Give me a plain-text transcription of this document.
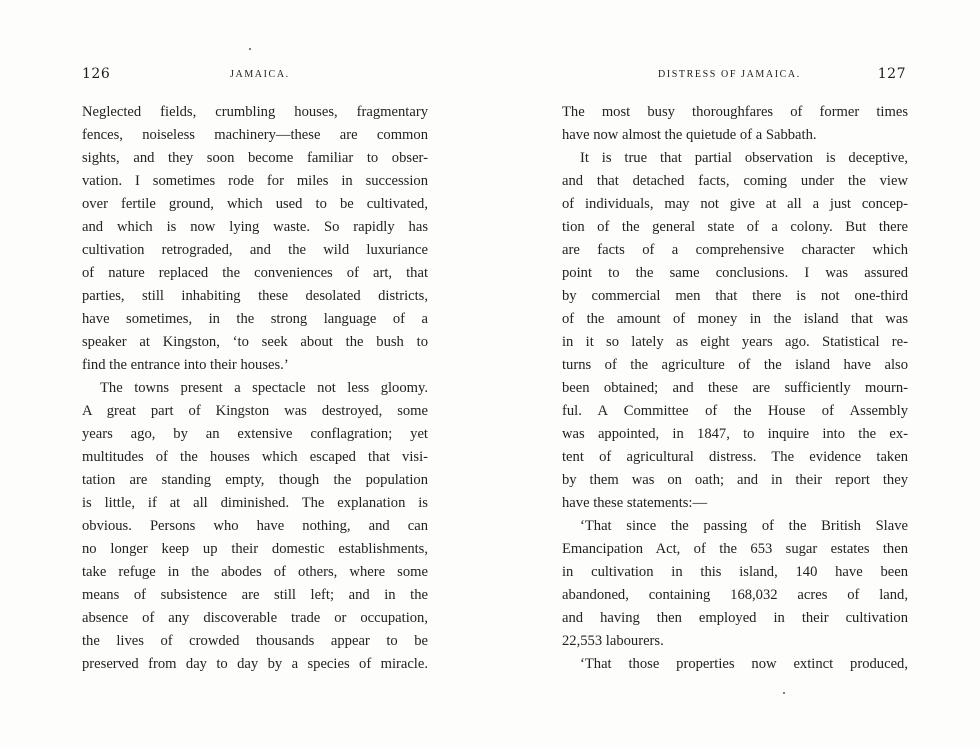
126	JAMAICA.
Neglected fields, crumbling houses, fragmentary
fences, noiseless machinery—these are common
sights, and they soon become familiar to obser-
vation. I sometimes rode for miles in succession
over fertile ground, which used to be cultivated,
and which is now lying waste. So rapidly has
cultivation retrograded, and the wild luxuriance
of nature replaced the conveniences of art, that
parties, still inhabiting these desolated districts,
have sometimes, in the strong language of a
speaker at Kingston, ‘to seek about the bush to
find the entrance into their houses.’
The towns present a spectacle not less gloomy.
A great part of Kingston was destroyed, some
years ago, by an extensive conflagration; yet
multitudes of the houses which escaped that visi-
tation are standing empty, though the population
is little, if at all diminished. The explanation is
obvious. Persons who have nothing, and can
no longer keep up their domestic establishments,
take refuge in the abodes of others, where some
means of subsistence are still left; and in the
absence of any discoverable trade or occupation,
the lives of crowded thousands appear to be
preserved from day to day by a species of miracle.
DISTRESS OF JAMAICA.	127
The most busy thoroughfares of former times
have now almost the quietude of a Sabbath.
It is true that partial observation is deceptive,
and that detached facts, coming under the view
of individuals, may not give at all a just concep-
tion of the general state of a colony. But there
are facts of a comprehensive character which
point to the same conclusions. I was assured
by commercial men that there is not one-third
of the amount of money in the island that was
in it so lately as eight years ago. Statistical re-
turns of the agriculture of the island have also
been obtained; and these are sufficiently mourn-
ful. A Committee of the House of Assembly
was appointed, in 1847, to inquire into the ex-
tent of agricultural distress. The evidence taken
by them was on oath; and in their report they
have these statements:—
‘That since the passing of the British Slave
Emancipation Act, of the 653 sugar estates then
in cultivation in this island, 140 have been
abandoned, containing 168,032 acres of land,
and having then employed in their cultivation
22,553 labourers.
‘That those properties now extinct produced,
